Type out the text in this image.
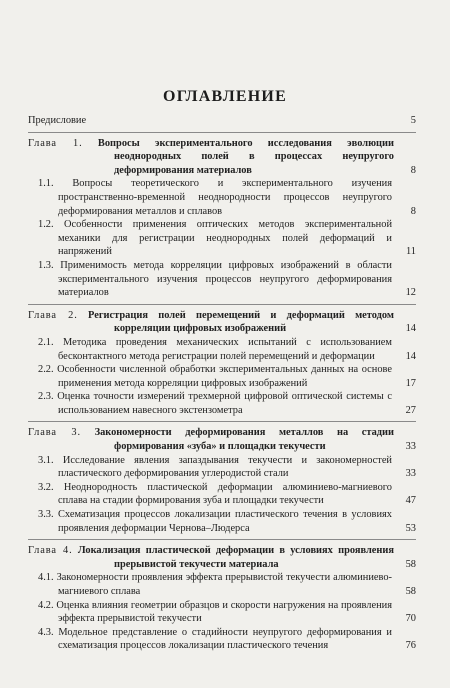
ОГЛАВЛЕНИЕ
Предисловие	5
Глава 1. Вопросы экспериментального исследования эволюции неоднородных полей в процессах неупругого деформирования материалов	8
1.1. Вопросы теоретического и экспериментального изучения пространственно-временной неоднородности процессов неупругого деформирования металлов и сплавов	8
1.2. Особенности применения оптических методов экспериментальной механики для регистрации неоднородных полей деформаций и напряжений	11
1.3. Применимость метода корреляции цифровых изображений в области экспериментального изучения процессов неупругого деформирования материалов	12
Глава 2. Регистрация полей перемещений и деформаций методом корреляции цифровых изображений	14
2.1. Методика проведения механических испытаний с использованием бесконтактного метода регистрации полей перемещений и деформации	14
2.2. Особенности численной обработки экспериментальных данных на основе применения метода корреляции цифровых изображений	17
2.3. Оценка точности измерений трехмерной цифровой оптической системы с использованием навесного экстензометра	27
Глава 3. Закономерности деформирования металлов на стадии формирования «зуба» и площадки текучести	33
3.1. Исследование явления запаздывания текучести и закономерностей пластического деформирования углеродистой стали	33
3.2. Неоднородность пластической деформации алюминиево-магниевого сплава на стадии формирования зуба и площадки текучести	47
3.3. Схематизация процессов локализации пластического течения в условиях проявления деформации Чернова–Людерса	53
Глава 4. Локализация пластической деформации в условиях проявления прерывистой текучести материала	58
4.1. Закономерности проявления эффекта прерывистой текучести алюминиево-магниевого сплава	58
4.2. Оценка влияния геометрии образцов и скорости нагружения на проявления эффекта прерывистой текучести	70
4.3. Модельное представление о стадийности неупругого деформирования и схематизация процессов локализации пластического течения	76
